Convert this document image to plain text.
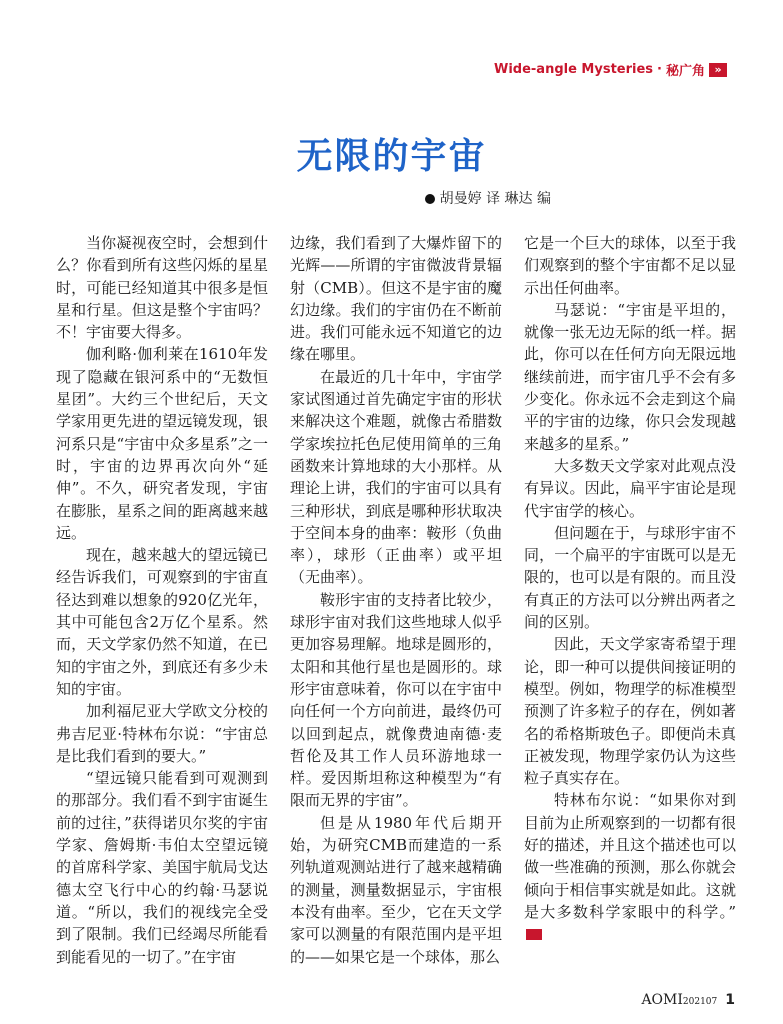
Wide-angle Mysteries · 秘广角 »
无限的宇宙
胡曼婷 译 琳达 编

当你凝视夜空时，会想到什么？你看到所有这些闪烁的星星时，可能已经知道其中很多是恒星和行星。但这是整个宇宙吗？不！宇宙要大得多。

伽利略·伽利莱在1610年发现了隐藏在银河系中的“无数恒星团”。大约三个世纪后，天文学家用更先进的望远镜发现，银河系只是“宇宙中众多星系”之一时，宇宙的边界再次向外“延伸”。不久，研究者发现，宇宙在膨胀，星系之间的距离越来越远。

现在，越来越大的望远镜已经告诉我们，可观察到的宇宙直径达到难以想象的920亿光年，其中可能包含2万亿个星系。然而，天文学家仍然不知道，在已知的宇宙之外，到底还有多少未知的宇宙。

加利福尼亚大学欧文分校的弗吉尼亚·特林布尔说：“宇宙总是比我们看到的要大。”

“望远镜只能看到可观测到的那部分。我们看不到宇宙诞生前的过往，”获得诺贝尔奖的宇宙学家、詹姆斯·韦伯太空望远镜的首席科学家、美国宇航局戈达德太空飞行中心的约翰·马瑟说道。“所以，我们的视线完全受到了限制。我们已经竭尽所能看到能看见的一切了。”在宇宙

边缘，我们看到了大爆炸留下的光辉——所谓的宇宙微波背景辐射（CMB）。但这不是宇宙的魔幻边缘。我们的宇宙仍在不断前进。我们可能永远不知道它的边缘在哪里。

在最近的几十年中，宇宙学家试图通过首先确定宇宙的形状来解决这个难题，就像古希腊数学家埃拉托色尼使用简单的三角函数来计算地球的大小那样。从理论上讲，我们的宇宙可以具有三种形状，到底是哪种形状取决于空间本身的曲率：鞍形（负曲率），球形（正曲率）或平坦（无曲率）。

鞍形宇宙的支持者比较少，球形宇宙对我们这些地球人似乎更加容易理解。地球是圆形的，太阳和其他行星也是圆形的。球形宇宙意味着，你可以在宇宙中向任何一个方向前进，最终仍可以回到起点，就像费迪南德·麦哲伦及其工作人员环游地球一样。爱因斯坦称这种模型为“有限而无界的宇宙”。

但是从1980年代后期开始，为研究CMB而建造的一系列轨道观测站进行了越来越精确的测量，测量数据显示，宇宙根本没有曲率。至少，它在天文学家可以测量的有限范围内是平坦的——如果它是一个球体，那么

它是一个巨大的球体，以至于我们观察到的整个宇宙都不足以显示出任何曲率。

马瑟说：“宇宙是平坦的，就像一张无边无际的纸一样。据此，你可以在任何方向无限远地继续前进，而宇宙几乎不会有多少变化。你永远不会走到这个扁平的宇宙的边缘，你只会发现越来越多的星系。”

大多数天文学家对此观点没有异议。因此，扁平宇宙论是现代宇宙学的核心。

但问题在于，与球形宇宙不同，一个扁平的宇宙既可以是无限的，也可以是有限的。而且没有真正的方法可以分辨出两者之间的区别。

因此，天文学家寄希望于理论，即一种可以提供间接证明的模型。例如，物理学的标准模型预测了许多粒子的存在，例如著名的希格斯玻色子。即便尚未真正被发现，物理学家仍认为这些粒子真实存在。

特林布尔说：“如果你对到目前为止所观察到的一切都有很好的描述，并且这个描述也可以做一些准确的预测，那么你就会倾向于相信事实就是如此。这就是大多数科学家眼中的科学。”

AOMI202107 1
